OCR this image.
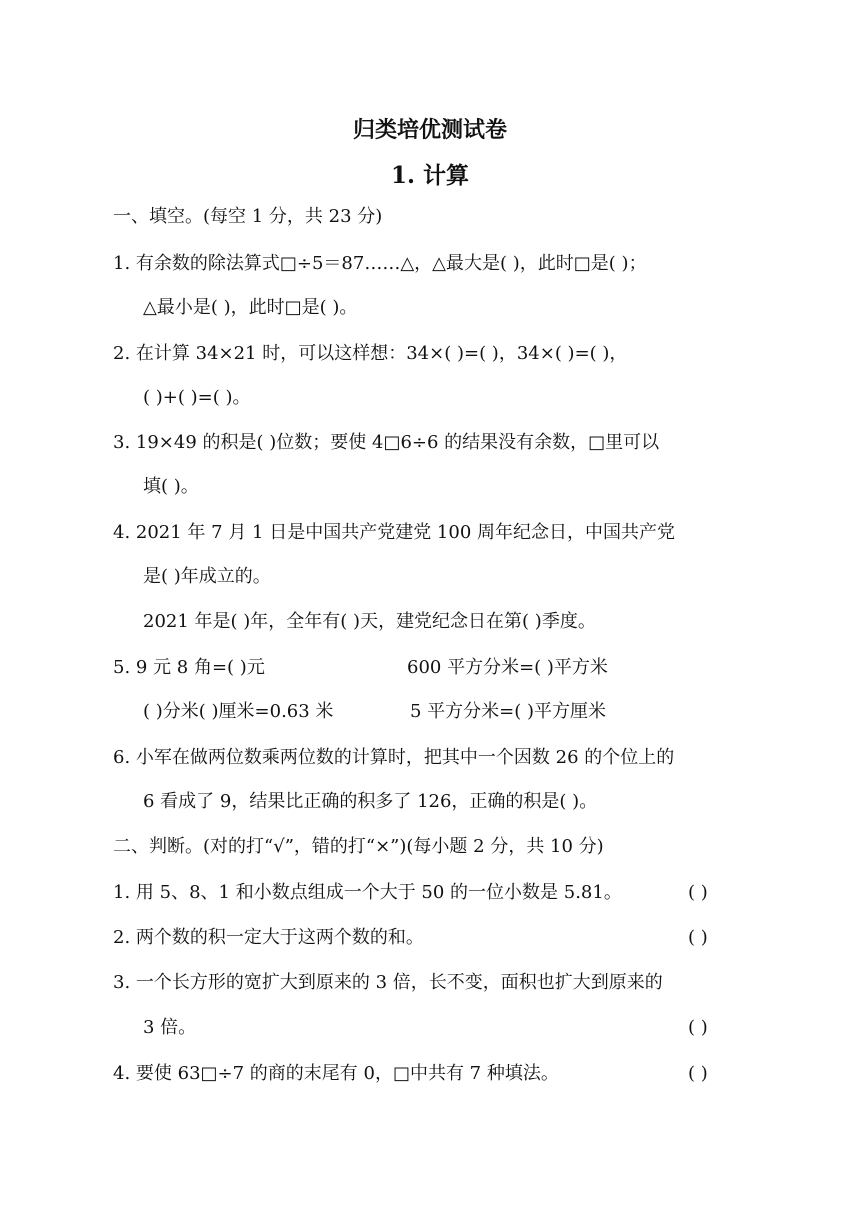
归类培优测试卷
1. 计算
一、填空。(每空 1 分，共 23 分)
1. 有余数的除法算式□÷5＝87……△，△最大是( )，此时□是( )；
△最小是( )，此时□是( )。
2. 在计算 34×21 时，可以这样想：34×( )=( )，34×( )=( )，
( )+( )=( )。
3. 19×49 的积是( )位数；要使 4□6÷6 的结果没有余数，□里可以
填( )。
4. 2021 年 7 月 1 日是中国共产党建党 100 周年纪念日，中国共产党
是( )年成立的。
2021 年是( )年，全年有( )天，建党纪念日在第( )季度。
5. 9 元 8 角=( )元	600 平方分米=( )平方米
( )分米( )厘米=0.63 米	5 平方分米=( )平方厘米
6. 小军在做两位数乘两位数的计算时，把其中一个因数 26 的个位上的
6 看成了 9，结果比正确的积多了 126，正确的积是( )。
二、判断。(对的打“√”，错的打“×”)(每小题 2 分，共 10 分)
1. 用 5、8、1 和小数点组成一个大于 50 的一位小数是 5.81。	( )
2. 两个数的积一定大于这两个数的和。	( )
3. 一个长方形的宽扩大到原来的 3 倍，长不变，面积也扩大到原来的
3 倍。	( )
4. 要使 63□÷7 的商的末尾有 0，□中共有 7 种填法。	( )
